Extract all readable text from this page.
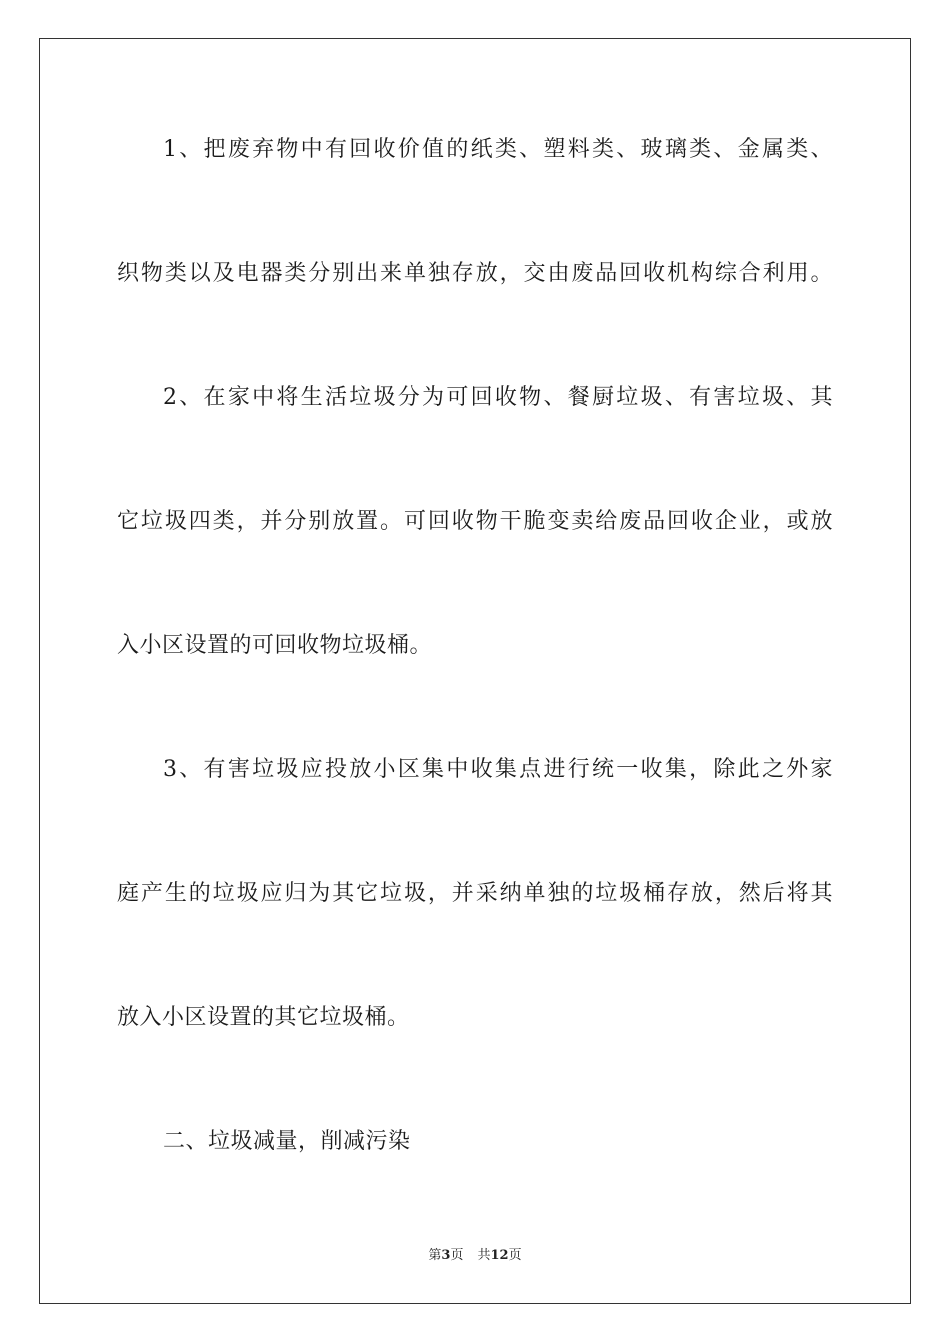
1、把废弃物中有回收价值的纸类、塑料类、玻璃类、金属类、
织物类以及电器类分别出来单独存放，交由废品回收机构综合利用。
2、在家中将生活垃圾分为可回收物、餐厨垃圾、有害垃圾、其
它垃圾四类，并分别放置。可回收物干脆变卖给废品回收企业，或放
入小区设置的可回收物垃圾桶。
3、有害垃圾应投放小区集中收集点进行统一收集，除此之外家
庭产生的垃圾应归为其它垃圾，并采纳单独的垃圾桶存放，然后将其
放入小区设置的其它垃圾桶。
二、垃圾减量，削减污染
第3页 共12页
